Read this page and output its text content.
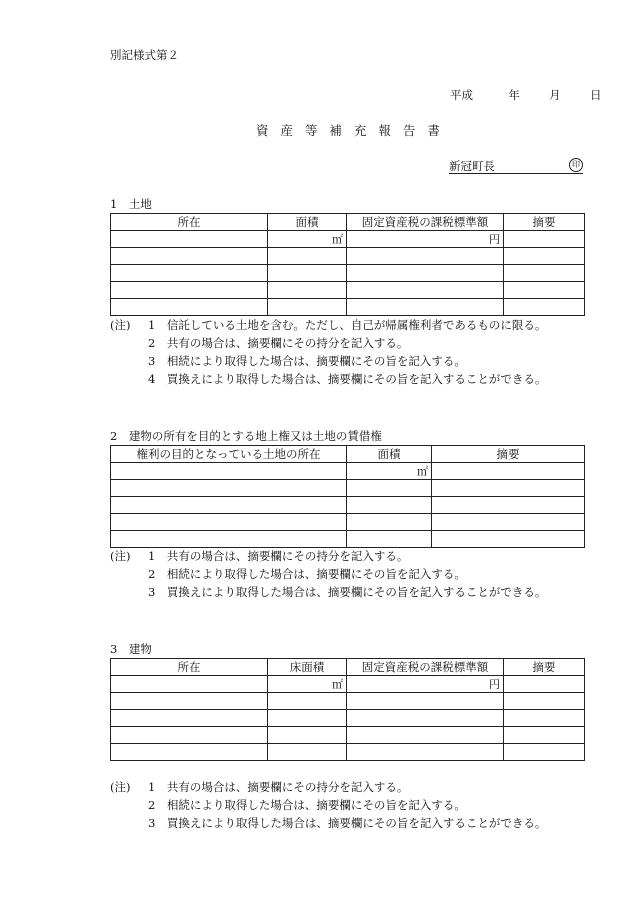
別記様式第２
平成	年	月	日
資 産 等 補 充 報 告 書
新冠町長	印
1　土地
所在	面積	固定資産税の課税標準額	摘要
	㎡	円	

(注) 1　信託している土地を含む。ただし、自己が帰属権利者であるものに限る。
2　共有の場合は、摘要欄にその持分を記入する。
3　相続により取得した場合は、摘要欄にその旨を記入する。
4　買換えにより取得した場合は、摘要欄にその旨を記入することができる。
2　建物の所有を目的とする地上権又は土地の賃借権
権利の目的となっている土地の所在	面積	摘要
	㎡	

(注) 1　共有の場合は、摘要欄にその持分を記入する。
2　相続により取得した場合は、摘要欄にその旨を記入する。
3　買換えにより取得した場合は、摘要欄にその旨を記入することができる。
3　建物
所在	床面積	固定資産税の課税標準額	摘要
	㎡	円	

(注) 1　共有の場合は、摘要欄にその持分を記入する。
2　相続により取得した場合は、摘要欄にその旨を記入する。
3　買換えにより取得した場合は、摘要欄にその旨を記入することができる。
